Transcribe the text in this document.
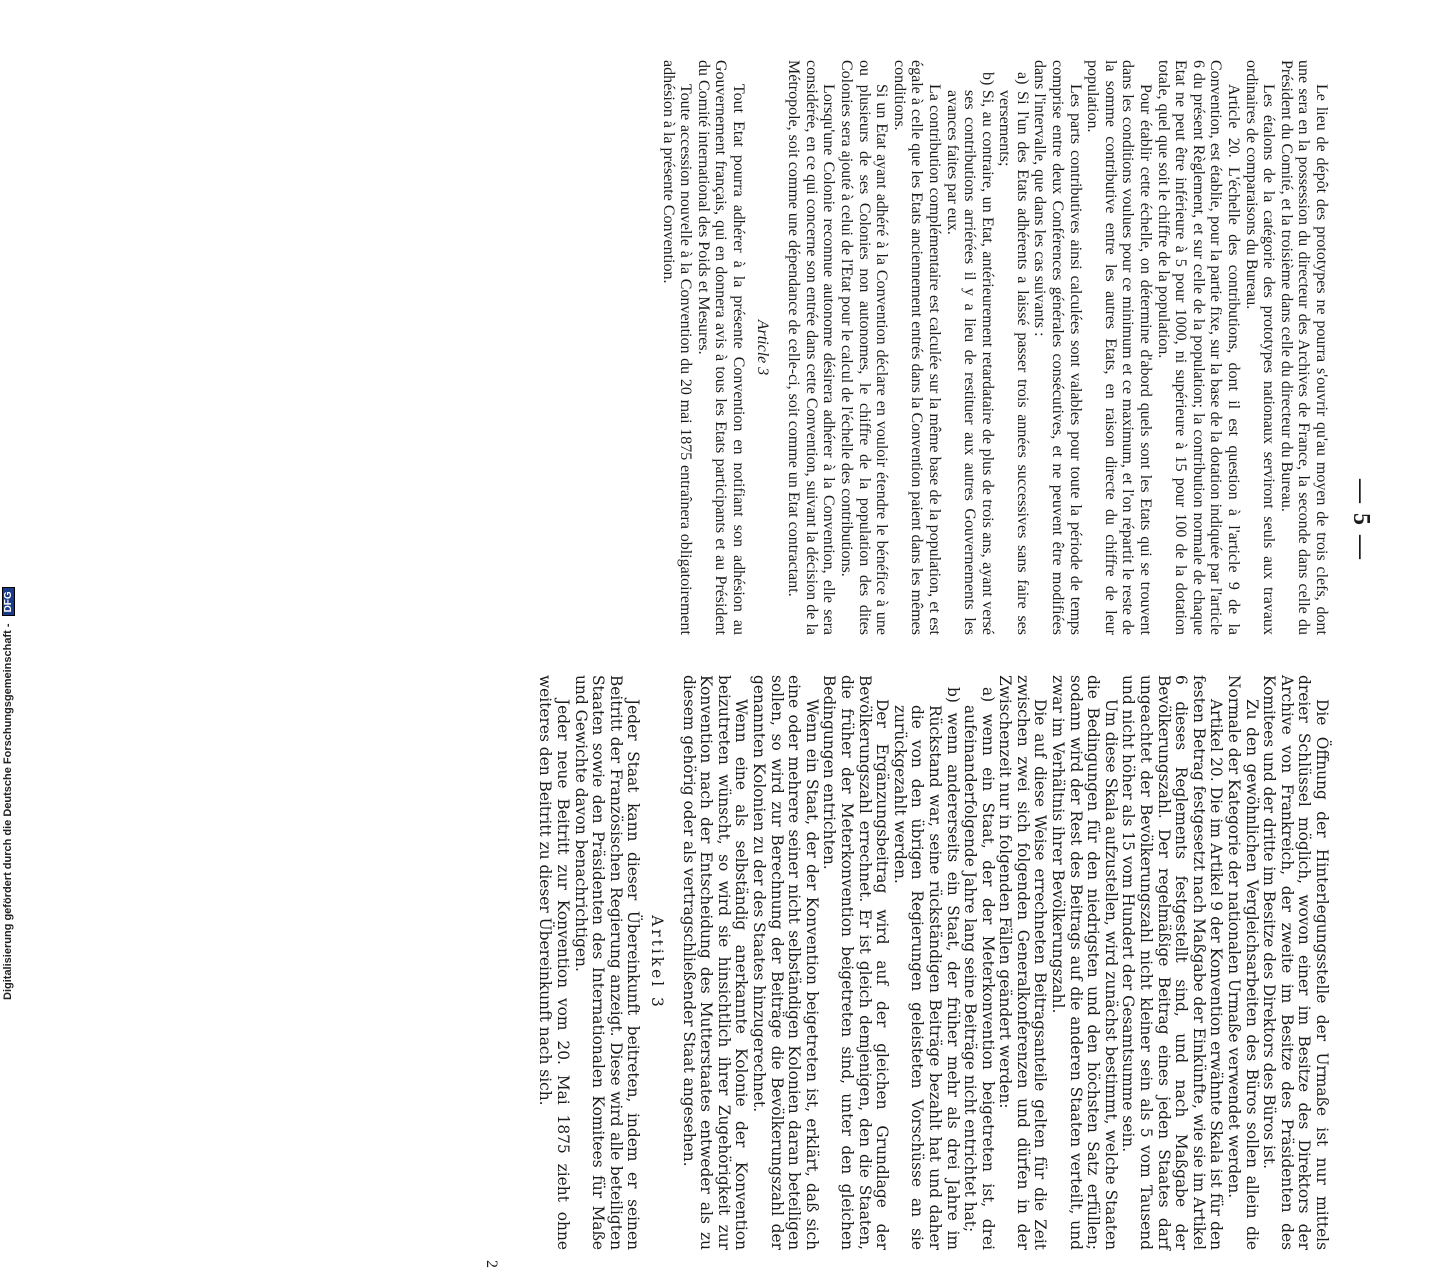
— 5 —

Le lieu de dépôt des prototypes ne pourra s'ouvrir qu'au moyen de trois clefs, dont une sera en la possession du directeur des Archives de France, la seconde dans celle du Président du Comité, et la troisième dans celle du directeur du Bureau.

Les étalons de la catégorie des prototypes nationaux serviront seuls aux travaux ordinaires de comparaisons du Bureau.

Article 20. L'échelle des contributions, dont il est question à l'article 9 de la Convention, est établie, pour la partie fixe, sur la base de la dotation indiquée par l'article 6 du présent Règlement, et sur celle de la population; la contribution normale de chaque Etat ne peut être inférieure à 5 pour 1000, ni supérieure à 15 pour 100 de la dotation totale, quel que soit le chiffre de la population.

Pour établir cette échelle, on détermine d'abord quels sont les Etats qui se trouvent dans les conditions voulues pour ce minimum et ce maximum, et l'on répartit le reste de la somme contributive entre les autres Etats, en raison directe du chiffre de leur population.

Les parts contributives ainsi calculées sont valables pour toute la période de temps comprise entre deux Conférences générales consécutives, et ne peuvent être modifiées dans l'intervalle, que dans les cas suivants :

a) Si l'un des Etats adhérents a laissé passer trois années successives sans faire ses versements;

b) Si, au contraire, un Etat, antérieurement retardataire de plus de trois ans, ayant versé ses contributions arriérées il y a lieu de restituer aux autres Gouvernements les avances faites par eux.

La contribution complémentaire est calculée sur la même base de la population, et est égale à celle que les Etats anciennement entrés dans la Convention paient dans les mêmes conditions.

Si un Etat ayant adhéré à la Convention déclare en vouloir étendre le bénéfice à une ou plusieurs de ses Colonies non autonomes, le chiffre de la population des dites Colonies sera ajouté à celui de l'Etat pour le calcul de l'échelle des contributions.

Lorsqu'une Colonie reconnue autonome désirera adhérer à la Convention, elle sera considérée, en ce qui concerne son entrée dans cette Convention, suivant la décision de la Métropole, soit comme une dépendance de celle-ci, soit comme un Etat contractant.

Article 3

Tout Etat pourra adhérer à la présente Convention en notifiant son adhésion au Gouvernement français, qui en donnera avis à tous les Etats participants et au Président du Comité international des Poids et Mesures.

Toute accession nouvelle à la Convention du 20 mai 1875 entraînera obligatoirement adhésion à la présente Convention.

Die Öffnung der Hinterlegungsstelle der Urmaße ist nur mittels dreier Schlüssel möglich, wovon einer im Besitze des Direktors der Archive von Frankreich, der zweite im Besitze des Präsidenten des Komitees und der dritte im Besitze des Direktors des Büros ist.

Zu den gewöhnlichen Vergleichsarbeiten des Büros sollen allein die Normale der Kategorie der nationalen Urmaße verwendet werden.

Artikel 20. Die im Artikel 9 der Konvention erwähnte Skala ist für den festen Betrag festgesetzt nach Maßgabe der Einkünfte, wie sie im Artikel 6 dieses Reglements festgestellt sind, und nach Maßgabe der Bevölkerungszahl. Der regelmäßige Beitrag eines jeden Staates darf ungeachtet der Bevölkerungszahl nicht kleiner sein als 5 vom Tausend und nicht höher als 15 vom Hundert der Gesamtsumme sein.

Um diese Skala aufzustellen, wird zunächst bestimmt, welche Staaten die Bedingungen für den niedrigsten und den höchsten Satz erfüllen; sodann wird der Rest des Beitrags auf die anderen Staaten verteilt, und zwar im Verhältnis ihrer Bevölkerungszahl.

Die auf diese Weise errechneten Beitragsanteile gelten für die Zeit zwischen zwei sich folgenden Generalkonferenzen und dürfen in der Zwischenzeit nur in folgenden Fällen geändert werden:

a) wenn ein Staat, der der Meterkonvention beigetreten ist, drei aufeinanderfolgende Jahre lang seine Beiträge nicht entrichtet hat;

b) wenn andererseits ein Staat, der früher mehr als drei Jahre im Rückstand war, seine rückständigen Beiträge bezahlt hat und daher die von den übrigen Regierungen geleisteten Vorschüsse an sie zurückgezahlt werden.

Der Ergänzungsbeitrag wird auf der gleichen Grundlage der Bevölkerungszahl errechnet. Er ist gleich demjenigen, den die Staaten, die früher der Meterkonvention beigetreten sind, unter den gleichen Bedingungen entrichten.

Wenn ein Staat, der der Konvention beigetreten ist, erklärt, daß sich eine oder mehrere seiner nicht selbständigen Kolonien daran beteiligen sollen, so wird zur Berechnung der Beiträge die Bevölkerungszahl der genannten Kolonien zu der des Staates hinzugerechnet.

Wenn eine als selbständig anerkannte Kolonie der Konvention beizutreten wünscht, so wird sie hinsichtlich ihrer Zugehörigkeit zur Konvention nach der Entscheidung des Mutterstaates entweder als zu diesem gehörig oder als vertragschließender Staat angesehen.

Artikel 3

Jeder Staat kann dieser Übereinkunft beitreten, indem er seinen Beitritt der Französischen Regierung anzeigt. Diese wird alle beteiligten Staaten sowie den Präsidenten des Internationalen Komitees für Maße und Gewichte davon benachrichtigen.

Jeder neue Beitritt zur Konvention vom 20. Mai 1875 zieht ohne weiteres den Beitritt zu dieser Übereinkunft nach sich.

2
Digitalisierung gefördert durch die Deutsche Forschungsgemeinschaft - DFG
